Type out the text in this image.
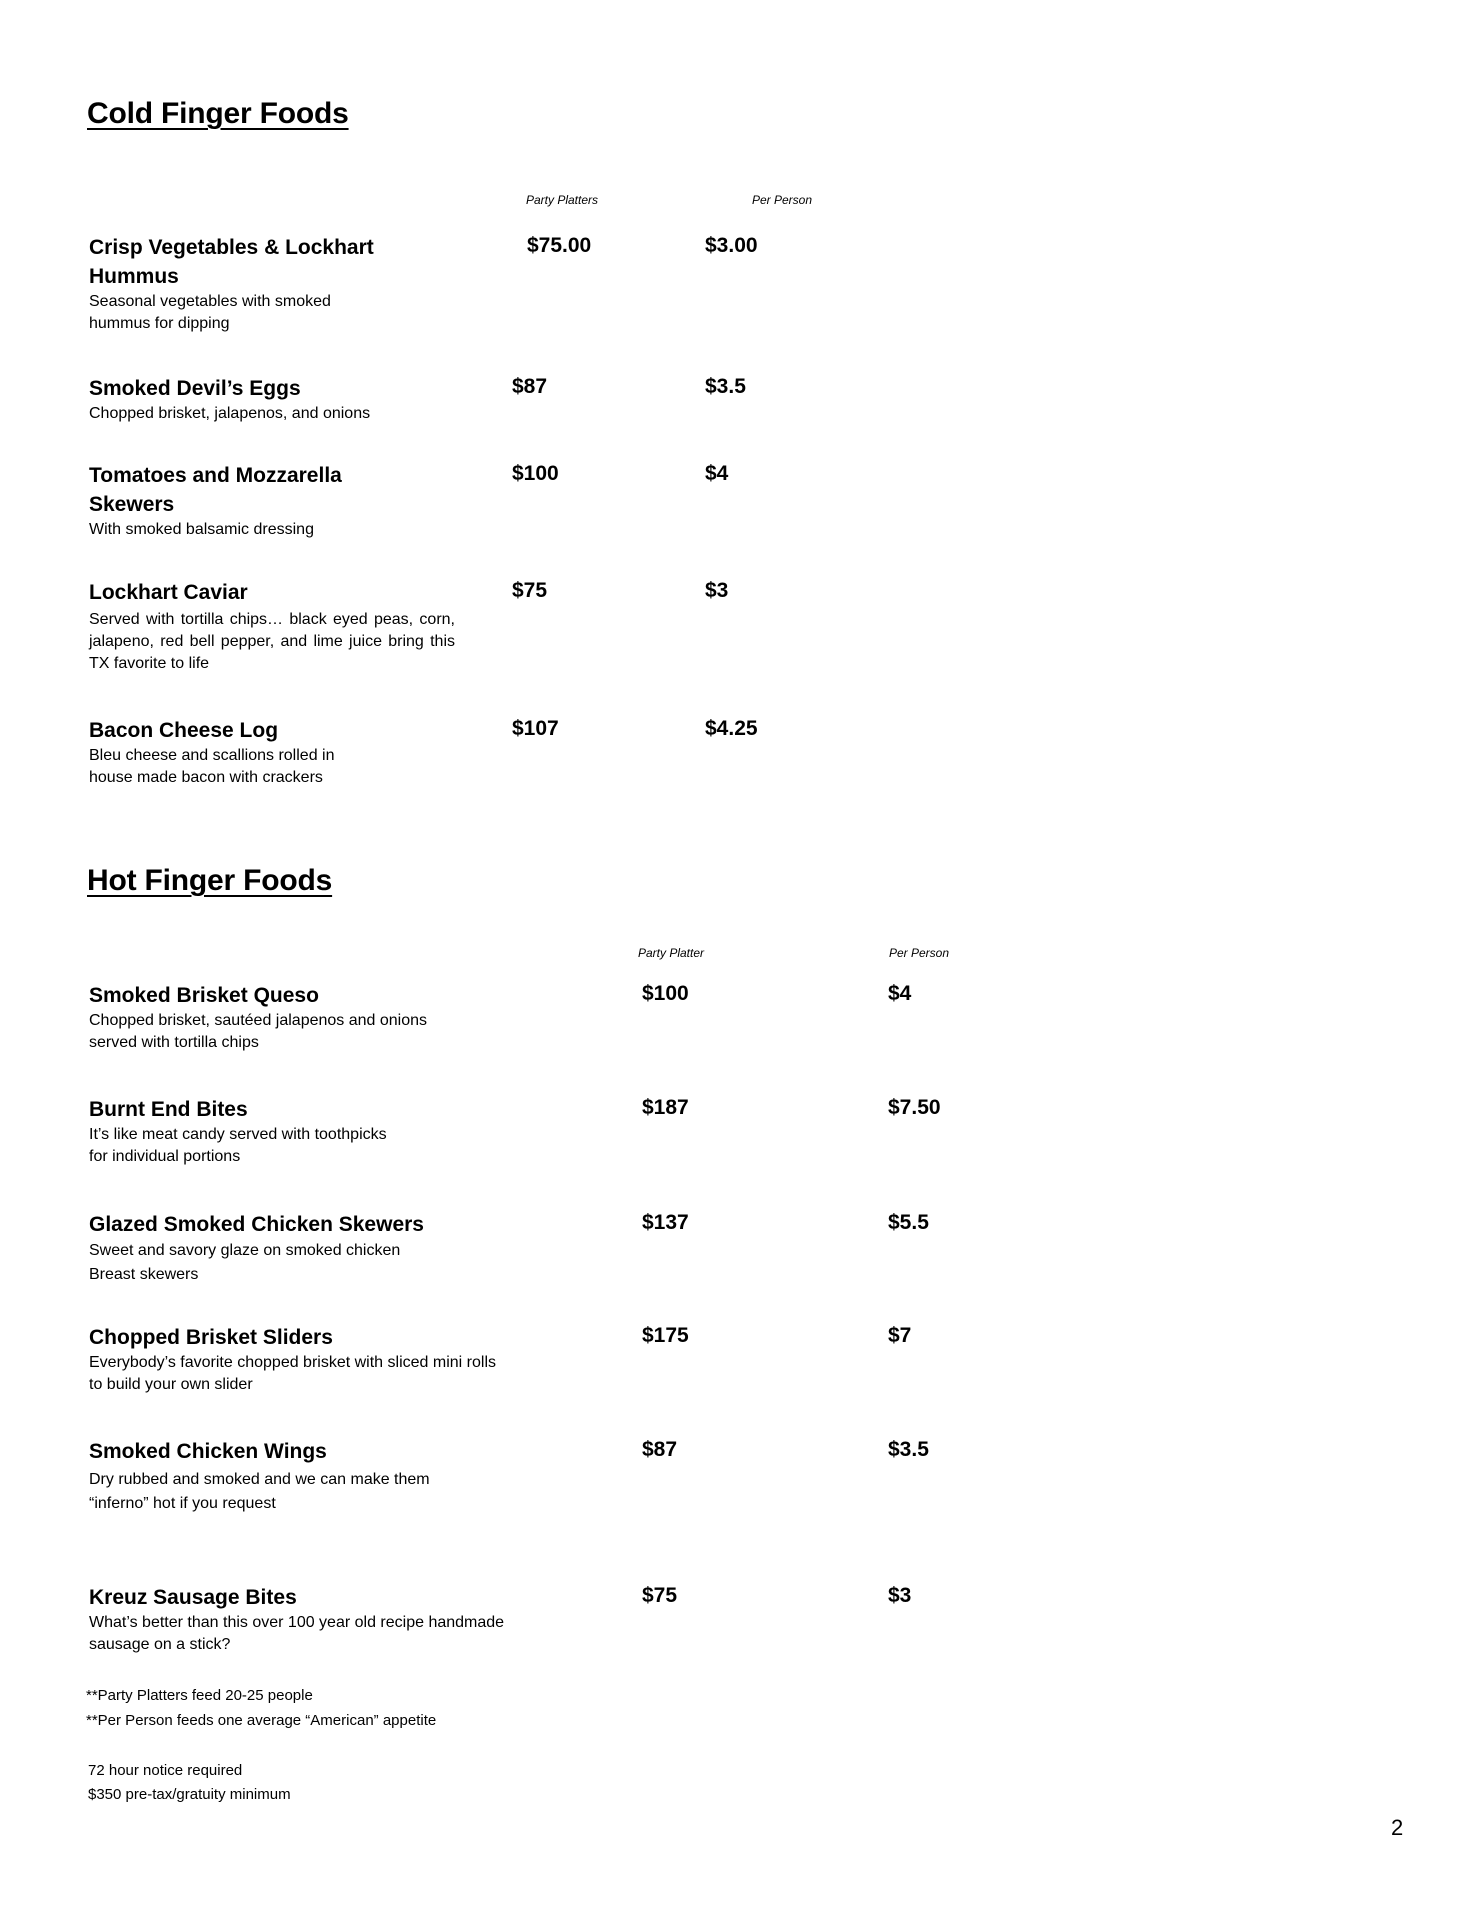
Cold Finger Foods
Party Platters	Per Person
Crisp Vegetables & Lockhart Hummus
Seasonal vegetables with smoked
hummus for dipping
$75.00	$3.00
Smoked Devil’s Eggs
Chopped brisket, jalapenos, and onions
$87	$3.5
Tomatoes and Mozzarella Skewers
With smoked balsamic dressing
$100	$4
Lockhart Caviar
Served with tortilla chips… black eyed peas, corn, jalapeno, red bell pepper, and lime juice bring this TX favorite to life
$75	$3
Bacon Cheese Log
Bleu cheese and scallions rolled in
house made bacon with crackers
$107	$4.25
Hot Finger Foods
Party Platter	Per Person
Smoked Brisket Queso
Chopped brisket, sautéed jalapenos and onions
served with tortilla chips
$100	$4
Burnt End Bites
It’s like meat candy served with toothpicks
for individual portions
$187	$7.50
Glazed Smoked Chicken Skewers
Sweet and savory glaze on smoked chicken
Breast skewers
$137	$5.5
Chopped Brisket Sliders
Everybody’s favorite chopped brisket with sliced mini rolls
to build your own slider
$175	$7
Smoked Chicken Wings
Dry rubbed and smoked and we can make them
“inferno” hot if you request
$87	$3.5
Kreuz Sausage Bites
What’s better than this over 100 year old recipe handmade
sausage on a stick?
$75	$3
**Party Platters feed 20-25 people
**Per Person feeds one average “American” appetite
72 hour notice required
$350 pre-tax/gratuity minimum
2
